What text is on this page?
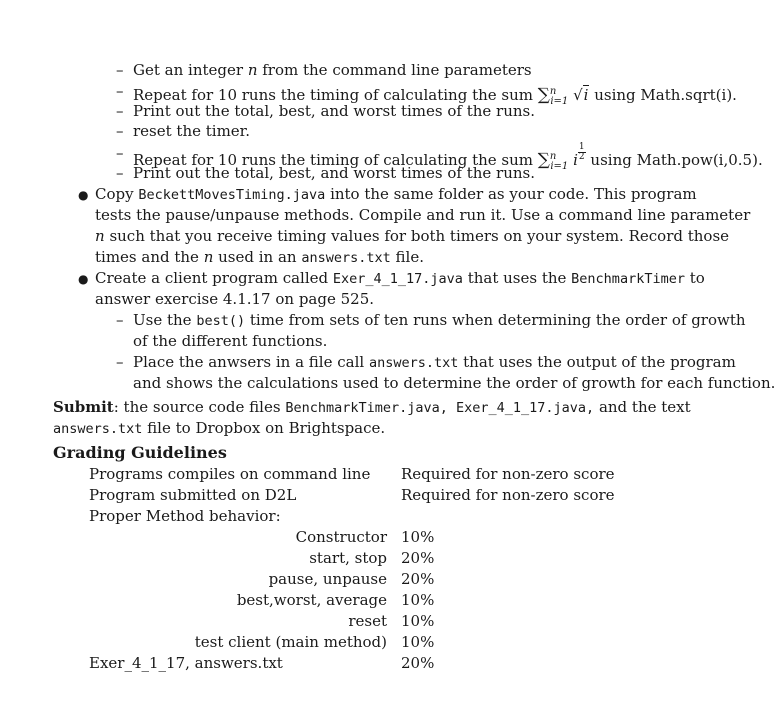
– Get an integer n from the command line parameters
– Repeat for 10 runs the timing of calculating the sum ∑$^n_{i=1}$ √i using Math.sqrt(i).
– Print out the total, best, and worst times of the runs.
– reset the timer.
– Repeat for 10 runs the timing of calculating the sum ∑$^n_{i=1}$ i $\frac{1}{2}$ using Math.pow(i,0.5).
– Print out the total, best, and worst times of the runs.
● Copy BeckettMovesTiming.java into the same folder as your code. This program
tests the pause/unpause methods. Compile and run it. Use a command line parameter
n such that you receive timing values for both timers on your system. Record those
times and the n used in an answers.txt file.
● Create a client program called Exer_4_1_17.java that uses the BenchmarkTimer to
answer exercise 4.1.17 on page 525.
– Use the best() time from sets of ten runs when determining the order of growth
of the different functions.
– Place the anwsers in a file call answers.txt that uses the output of the program
and shows the calculations used to determine the order of growth for each function.
Submit: the source code files BenchmarkTimer.java, Exer_4_1_17.java, and the text
answers.txt file to Dropbox on Brightspace.
Grading Guidelines
Programs compiles on command line	Required for non-zero score
Program submitted on D2L	Required for non-zero score
Proper Method behavior:	
Constructor	10%
start, stop	20%
pause, unpause	20%
best,worst, average	10%
reset	10%
test client (main method)	10%
Exer_4_1_17, answers.txt	20%
